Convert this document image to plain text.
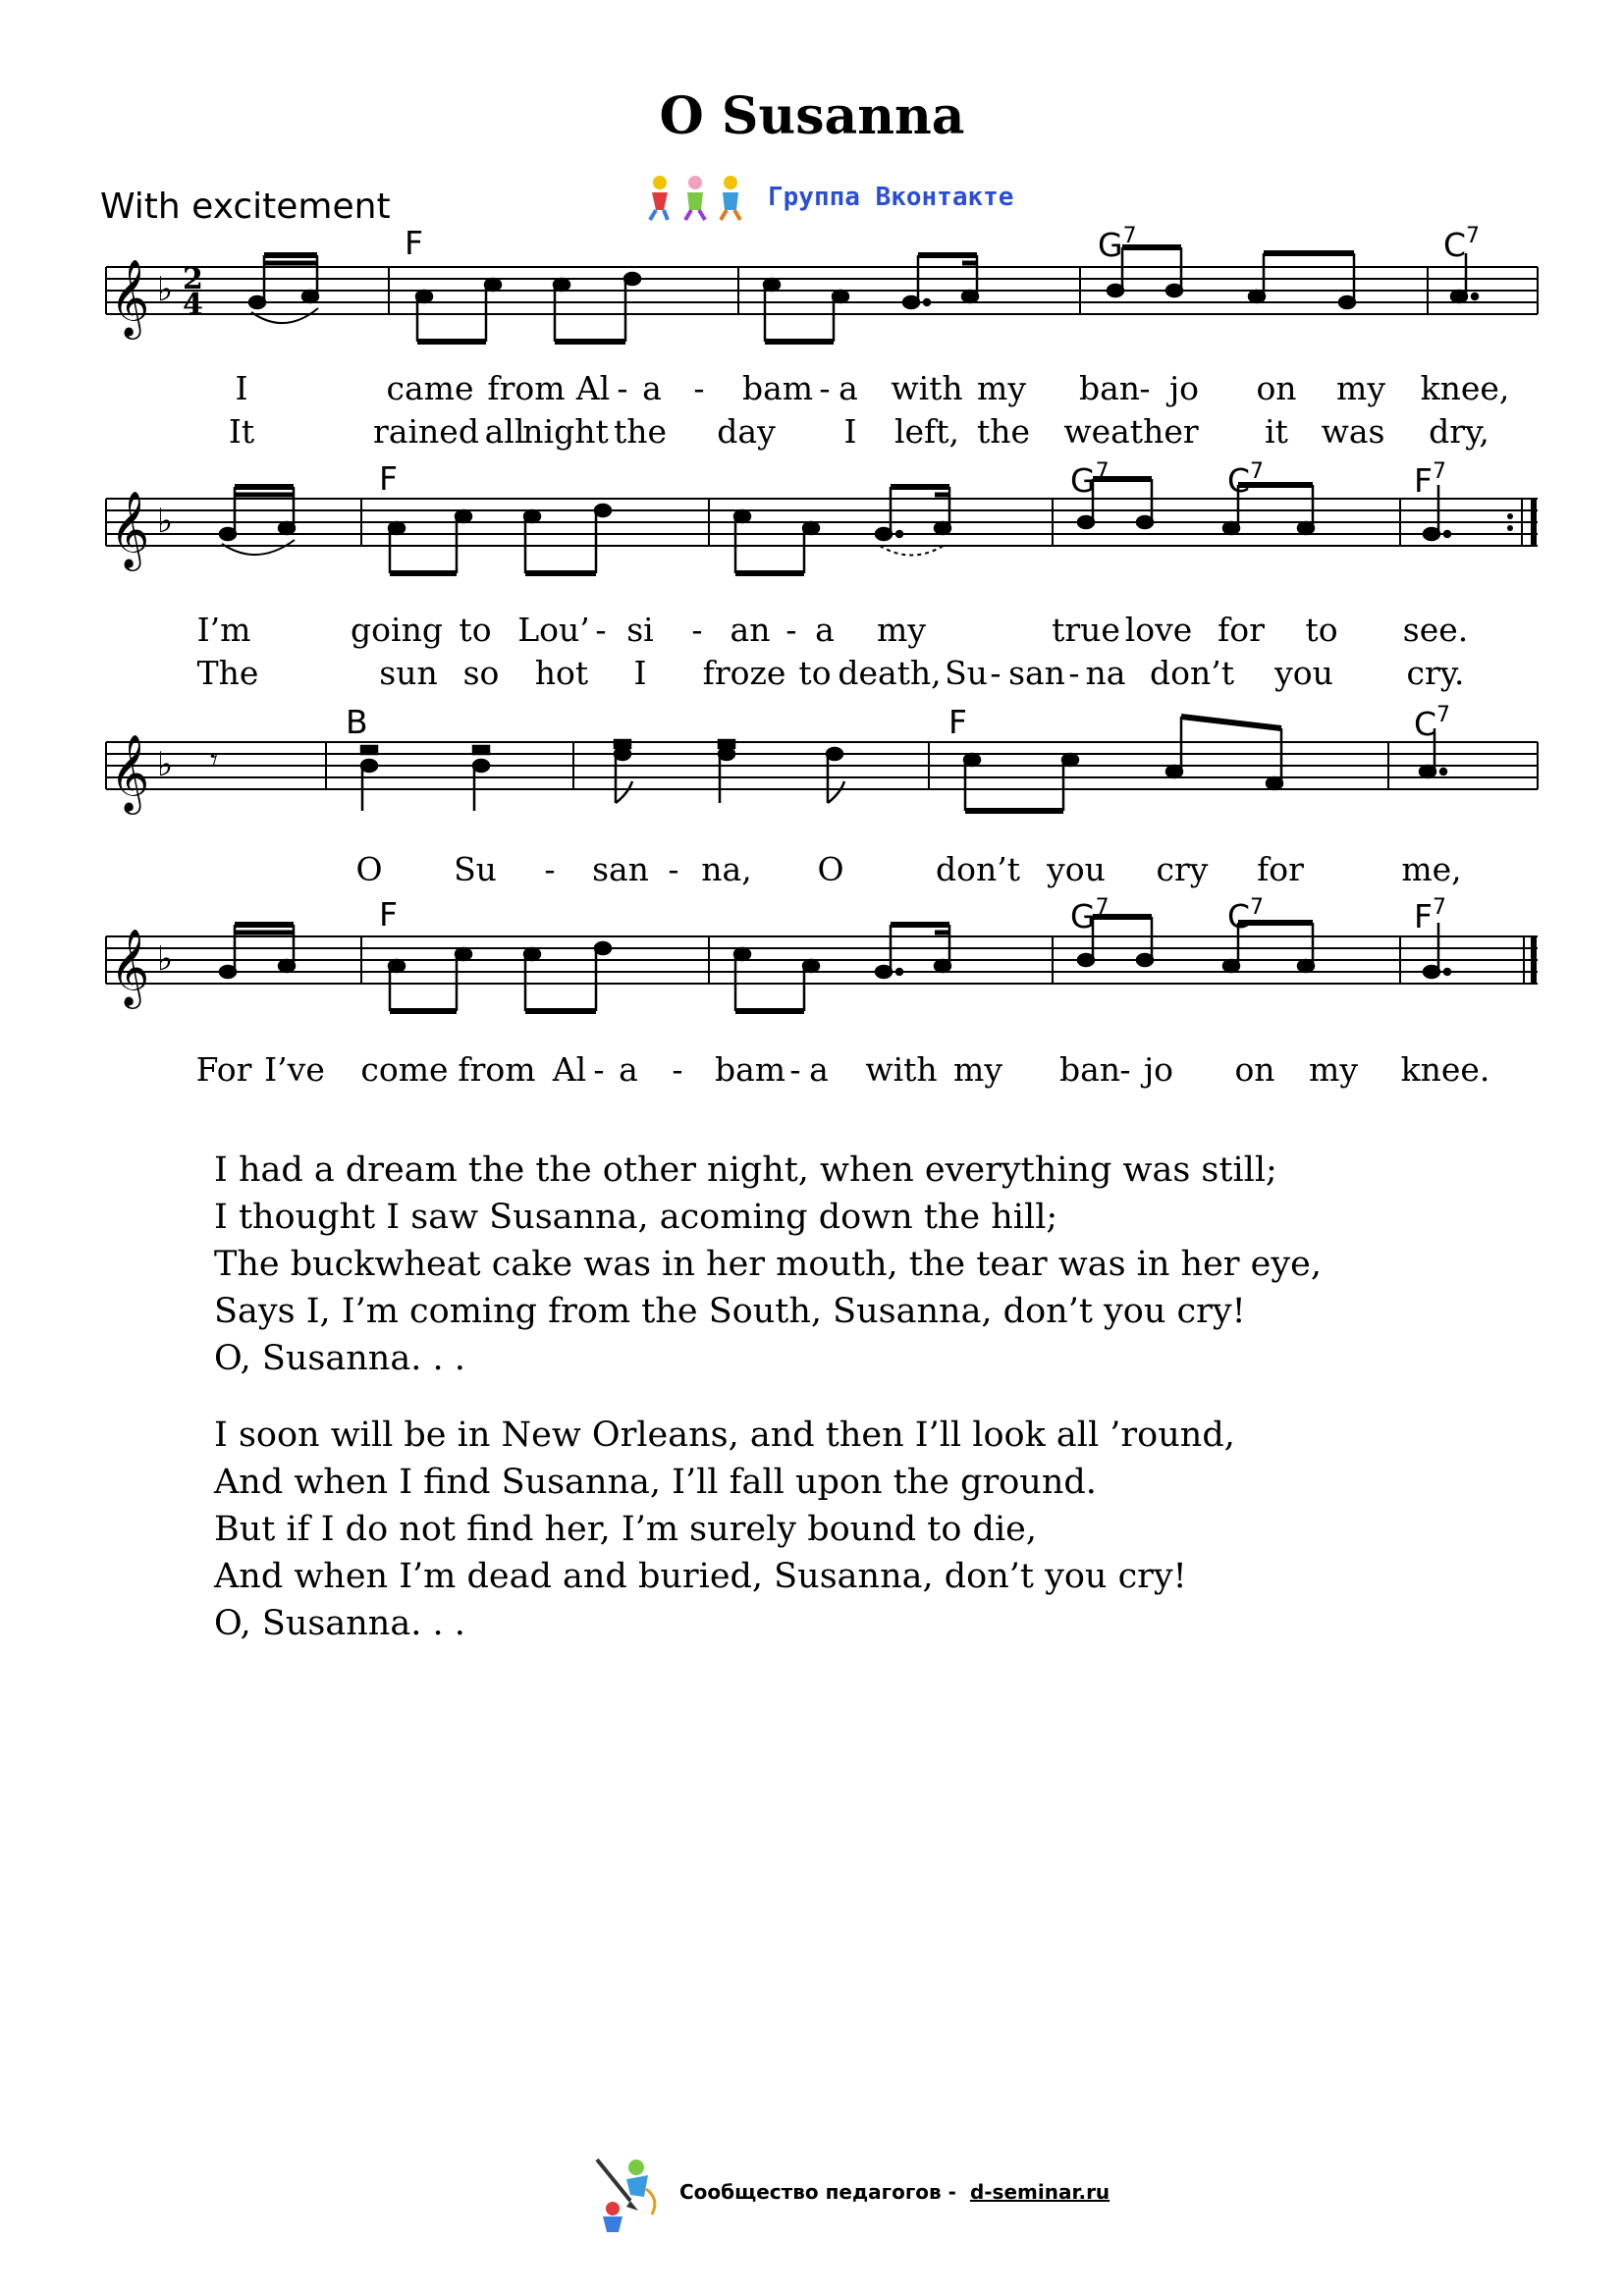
O Susanna
With excitement	Группа Вконтакте
F	$G^7$	$C^7$
𝄞 ♭ 2
4
I	came from Al - a - bam - a with my ban - jo on my knee,
It	rained all
night the day I left, the weather it was dry,
F	$G^7$	$C^7$	$F^7$
𝄞 ♭
I’m	going to Lou’ - si - an - a my	true love for to see.
The	sun so hot I froze to death, Su - san - na don’t you cry.
B	F	$C^7$
𝄞 ♭ 𝄾
O Su - san - na, O	don’t you cry for	me,
F	$G^7$	$C^7$	$F^7$
𝄞 ♭
For I’ve come from Al - a - bam - a with my ban - jo on my knee.
I had a dream the the other night, when everything was still;
I thought I saw Susanna, acoming down the hill;
The buckwheat cake was in her mouth, the tear was in her eye,
Says I, I’m coming from the South, Susanna, don’t you cry!
O, Susanna. . .
I soon will be in New Orleans, and then I’ll look all ’round,
And when I find Susanna, I’ll fall upon the ground.
But if I do not find her, I’m surely bound to die,
And when I’m dead and buried, Susanna, don’t you cry!
O, Susanna. . .
Сообщество педагогов - d-seminar.ru
